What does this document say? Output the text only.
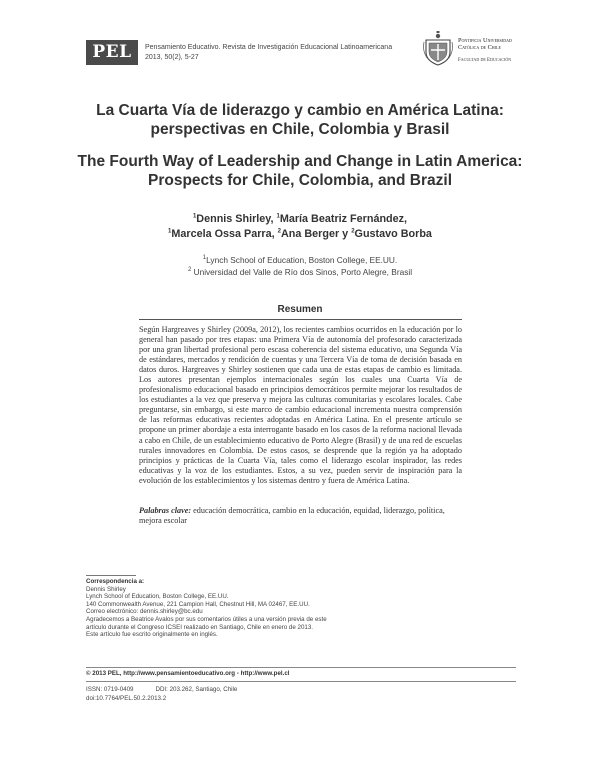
PEL	Pensamiento Educativo. Revista de Investigación Educacional Latinoamericana
2013, 50(2), 5-27
Pontificia Universidad
Católica de Chile
Facultad de Educación
La Cuarta Vía de liderazgo y cambio en América Latina:
perspectivas en Chile, Colombia y Brasil
The Fourth Way of Leadership and Change in Latin America:
Prospects for Chile, Colombia, and Brazil
$^1$Dennis Shirley, $^1$María Beatriz Fernández,
$^1$Marcela Ossa Parra, $^2$Ana Berger y $^2$Gustavo Borba
$^1$Lynch School of Education, Boston College, EE.UU.
$^2$ Universidad del Valle de Río dos Sinos, Porto Alegre, Brasil
Resumen
Según Hargreaves y Shirley (2009a, 2012), los recientes cambios ocurridos en la educación por lo general han pasado por tres etapas: una Primera Vía de autonomía del profesorado caracterizada por una gran libertad profesional pero escasa coherencia del sistema educativo, una Segunda Vía de estándares, mercados y rendición de cuentas y una Tercera Vía de toma de decisión basada en datos duros. Hargreaves y Shirley sostienen que cada una de estas etapas de cambio es limitada. Los autores presentan ejemplos internacionales según los cuales una Cuarta Vía de profesionalismo educacional basado en principios democráticos permite mejorar los resultados de los estudiantes a la vez que preserva y mejora las culturas comunitarias y escolares locales. Cabe preguntarse, sin embargo, si este marco de cambio educacional incrementa nuestra comprensión de las reformas educativas recientes adoptadas en América Latina. En el presente artículo se propone un primer abordaje a esta interrogante basado en los casos de la reforma nacional llevada a cabo en Chile, de un establecimiento educativo de Porto Alegre (Brasil) y de una red de escuelas rurales innovadores en Colombia. De estos casos, se desprende que la región ya ha adoptado principios y prácticas de la Cuarta Vía, tales como el liderazgo escolar inspirador, las redes educativas y la voz de los estudiantes. Estos, a su vez, pueden servir de inspiración para la evolución de los establecimientos y los sistemas dentro y fuera de América Latina.
Palabras clave: educación democrática, cambio en la educación, equidad, liderazgo, política, mejora escolar
Correspondencia a:
Dennis Shirley
Lynch School of Education, Boston College, EE.UU.
140 Commonwealth Avenue, 221 Campion Hall, Chestnut Hill, MA 02467, EE.UU.
Correo electrónico: dennis.shirley@bc.edu
Agradecemos a Beatrice Avalos por sus comentarios útiles a una versión previa de este artículo durante el Congreso ICSEI realizado en Santiago, Chile en enero de 2013.
Este artículo fue escrito originalmente en inglés.
© 2013 PEL, http://www.pensamientoeducativo.org - http://www.pel.cl
ISSN: 0719-0409	DDI: 203.262, Santiago, Chile
doi:10.7764/PEL.50.2.2013.2
